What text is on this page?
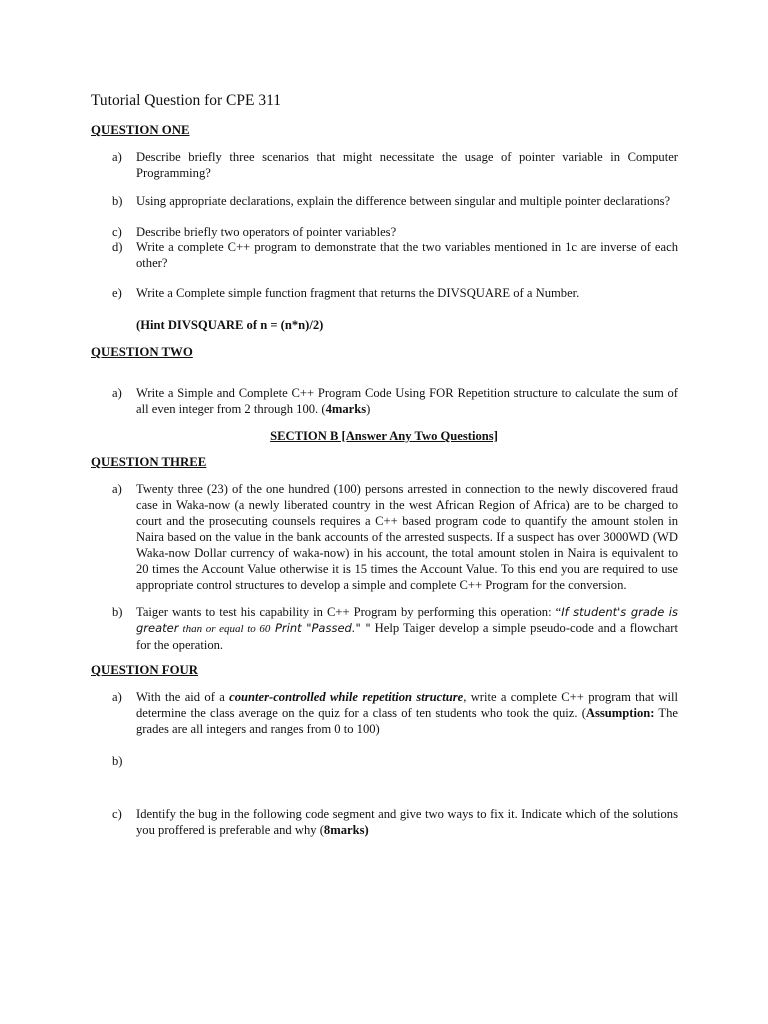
Tutorial Question for CPE 311
QUESTION ONE
a)	Describe briefly three scenarios that might necessitate the usage of pointer variable in Computer Programming?
b)	Using appropriate declarations, explain the difference between singular and multiple pointer declarations?
c)	Describe briefly two operators of pointer variables?
d)	Write a complete C++ program to demonstrate that the two variables mentioned in 1c are inverse of each other?
e)	Write a Complete simple function fragment that returns the DIVSQUARE of a Number.
(Hint DIVSQUARE of n = (n*n)/2)
QUESTION TWO
a)	Write a Simple and Complete C++ Program Code Using FOR Repetition structure to calculate the sum of all even integer from 2 through 100. (4marks)
SECTION B [Answer Any Two Questions]
QUESTION THREE
a)	Twenty three (23) of the one hundred (100) persons arrested in connection to the newly discovered fraud case in Waka-now (a newly liberated country in the west African Region of Africa) are to be charged to court and the prosecuting counsels requires a C++ based program code to quantify the amount stolen in Naira based on the value in the bank accounts of the arrested suspects. If a suspect has over 3000WD (WD Waka-now Dollar currency of waka-now) in his account, the total amount stolen in Naira is equivalent to 20 times the Account Value otherwise it is 15 times the Account Value. To this end you are required to use appropriate control structures to develop a simple and complete C++ Program for the conversion.
b)	Taiger wants to test his capability in C++ Program by performing this operation: “If student's grade is greater than or equal to 60 Print "Passed." " Help Taiger develop a simple pseudo-code and a flowchart for the operation.
QUESTION FOUR
a)	With the aid of a counter-controlled while repetition structure, write a complete C++ program that will determine the class average on the quiz for a class of ten students who took the quiz. (Assumption: The grades are all integers and ranges from 0 to 100)
b)
c)	Identify the bug in the following code segment and give two ways to fix it. Indicate which of the solutions you proffered is preferable and why (8marks)
